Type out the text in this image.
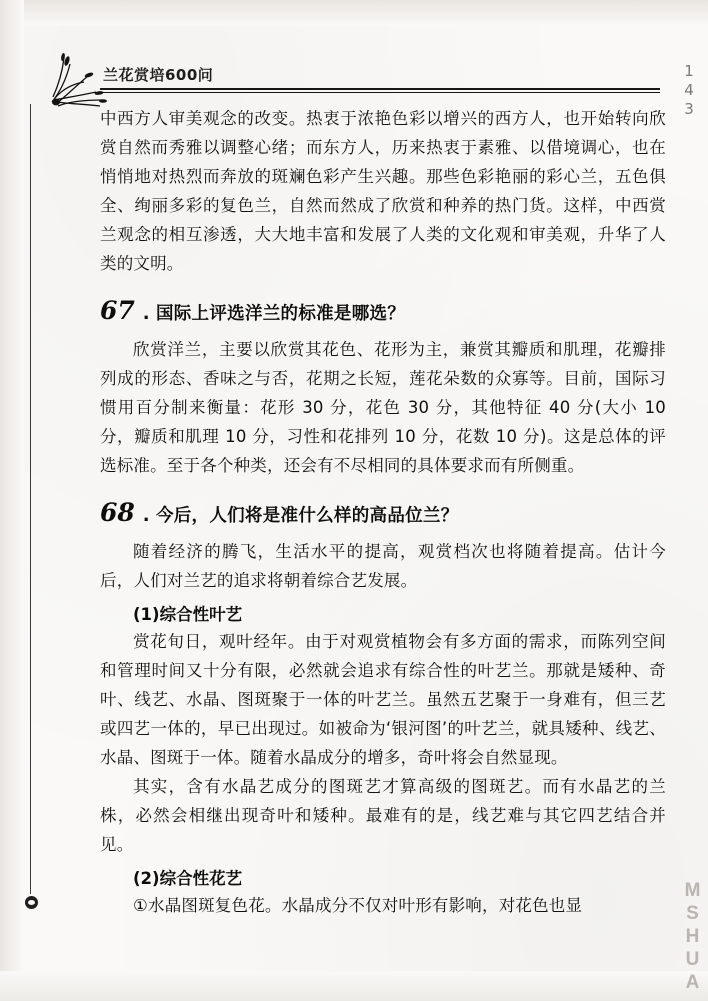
兰花赏培600问	143
MSHUA

中西方人审美观念的改变。热衷于浓艳色彩以增兴的西方人，也开始转向欣赏自然而秀雅以调整心绪；而东方人，历来热衷于素雅、以借境调心，也在悄悄地对热烈而奔放的斑斓色彩产生兴趣。那些色彩艳丽的彩心兰，五色俱全、绚丽多彩的复色兰，自然而然成了欣赏和种养的热门货。这样，中西赏兰观念的相互渗透，大大地丰富和发展了人类的文化观和审美观，升华了人类的文明。

67 . 国际上评选洋兰的标准是哪选？

欣赏洋兰，主要以欣赏其花色、花形为主，兼赏其瓣质和肌理，花瓣排列成的形态、香味之与否，花期之长短，莲花朵数的众寡等。目前，国际习惯用百分制来衡量：花形 30 分，花色 30 分，其他特征 40 分(大小 10 分，瓣质和肌理 10 分，习性和花排列 10 分，花数 10 分)。这是总体的评选标准。至于各个种类，还会有不尽相同的具体要求而有所侧重。

68 . 今后，人们将是准什么样的高品位兰？

随着经济的腾飞，生活水平的提高，观赏档次也将随着提高。估计今后，人们对兰艺的追求将朝着综合艺发展。

(1)综合性叶艺

赏花旬日，观叶经年。由于对观赏植物会有多方面的需求，而陈列空间和管理时间又十分有限，必然就会追求有综合性的叶艺兰。那就是矮种、奇叶、线艺、水晶、图斑聚于一体的叶艺兰。虽然五艺聚于一身难有，但三艺或四艺一体的，早已出现过。如被命为‘银河图’的叶艺兰，就具矮种、线艺、水晶、图斑于一体。随着水晶成分的增多，奇叶将会自然显现。

其实，含有水晶艺成分的图斑艺才算高级的图斑艺。而有水晶艺的兰株，必然会相继出现奇叶和矮种。最难有的是，线艺难与其它四艺结合并见。

(2)综合性花艺

①水晶图斑复色花。水晶成分不仅对叶形有影响，对花色也显
